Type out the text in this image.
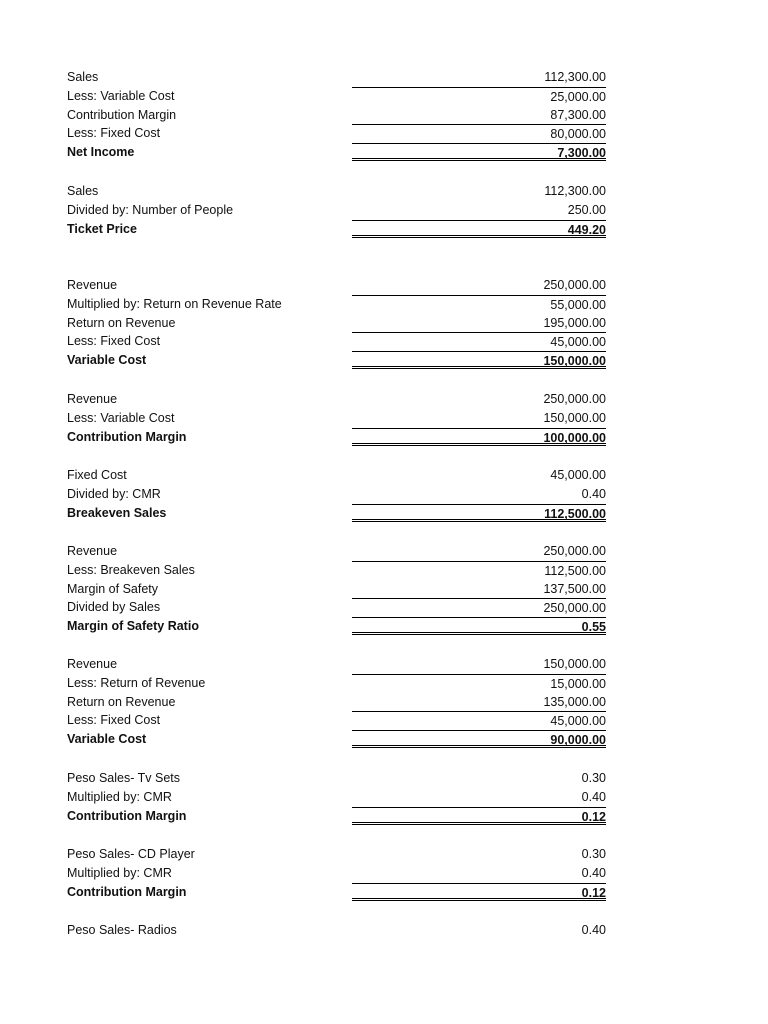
Sales	112,300.00
Less: Variable Cost	25,000.00
Contribution Margin	87,300.00
Less: Fixed Cost	80,000.00
Net Income	7,300.00
Sales	112,300.00
Divided by: Number of People	250.00
Ticket Price	449.20
Revenue	250,000.00
Multiplied by: Return on Revenue Rate	55,000.00
Return on Revenue	195,000.00
Less: Fixed Cost	45,000.00
Variable Cost	150,000.00
Revenue	250,000.00
Less: Variable Cost	150,000.00
Contribution Margin	100,000.00
Fixed Cost	45,000.00
Divided by: CMR	0.40
Breakeven Sales	112,500.00
Revenue	250,000.00
Less: Breakeven Sales	112,500.00
Margin of Safety	137,500.00
Divided by Sales	250,000.00
Margin of Safety Ratio	0.55
Revenue	150,000.00
Less: Return of Revenue	15,000.00
Return on Revenue	135,000.00
Less: Fixed Cost	45,000.00
Variable Cost	90,000.00
Peso Sales- Tv Sets	0.30
Multiplied by: CMR	0.40
Contribution Margin	0.12
Peso Sales- CD Player	0.30
Multiplied by: CMR	0.40
Contribution Margin	0.12
Peso Sales- Radios	0.40
